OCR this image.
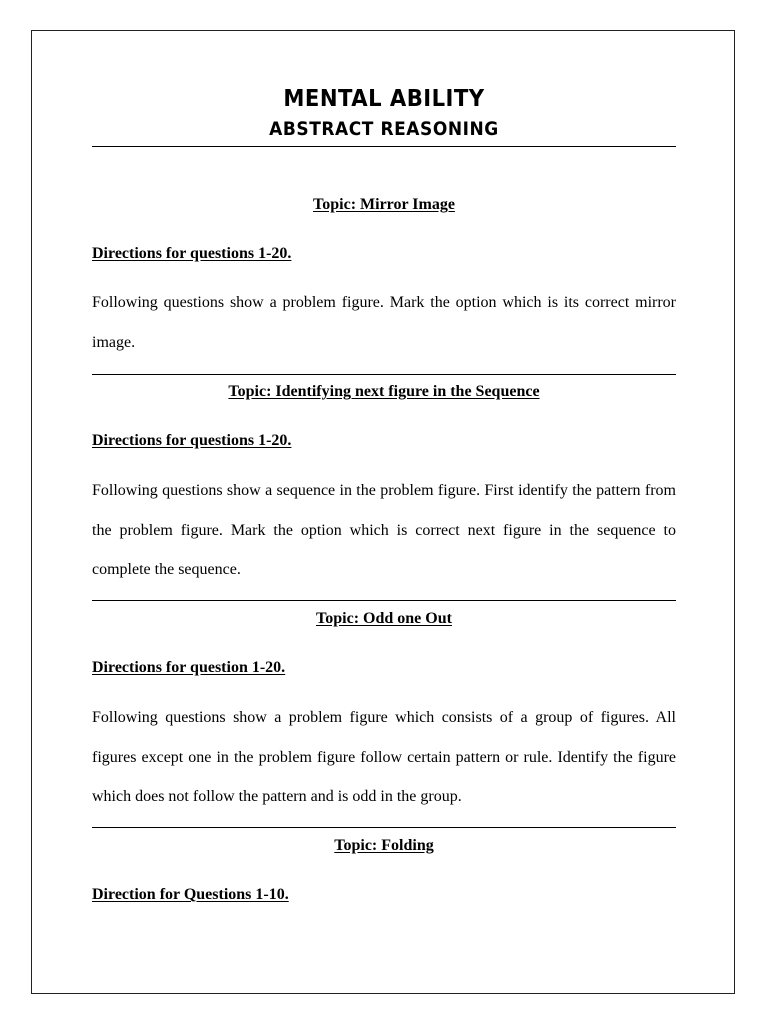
MENTAL ABILITY
ABSTRACT REASONING
Topic: Mirror Image
Directions for questions 1-20.
Following questions show a problem figure. Mark the option which is its correct mirror image.
Topic: Identifying next figure in the Sequence
Directions for questions 1-20.
Following questions show a sequence in the problem figure. First identify the pattern from the problem figure. Mark the option which is correct next figure in the sequence to complete the sequence.
Topic: Odd one Out
Directions for question 1-20.
Following questions show a problem figure which consists of a group of figures. All figures except one in the problem figure follow certain pattern or rule. Identify the figure which does not follow the pattern and is odd in the group.
Topic: Folding
Direction for Questions 1-10.
